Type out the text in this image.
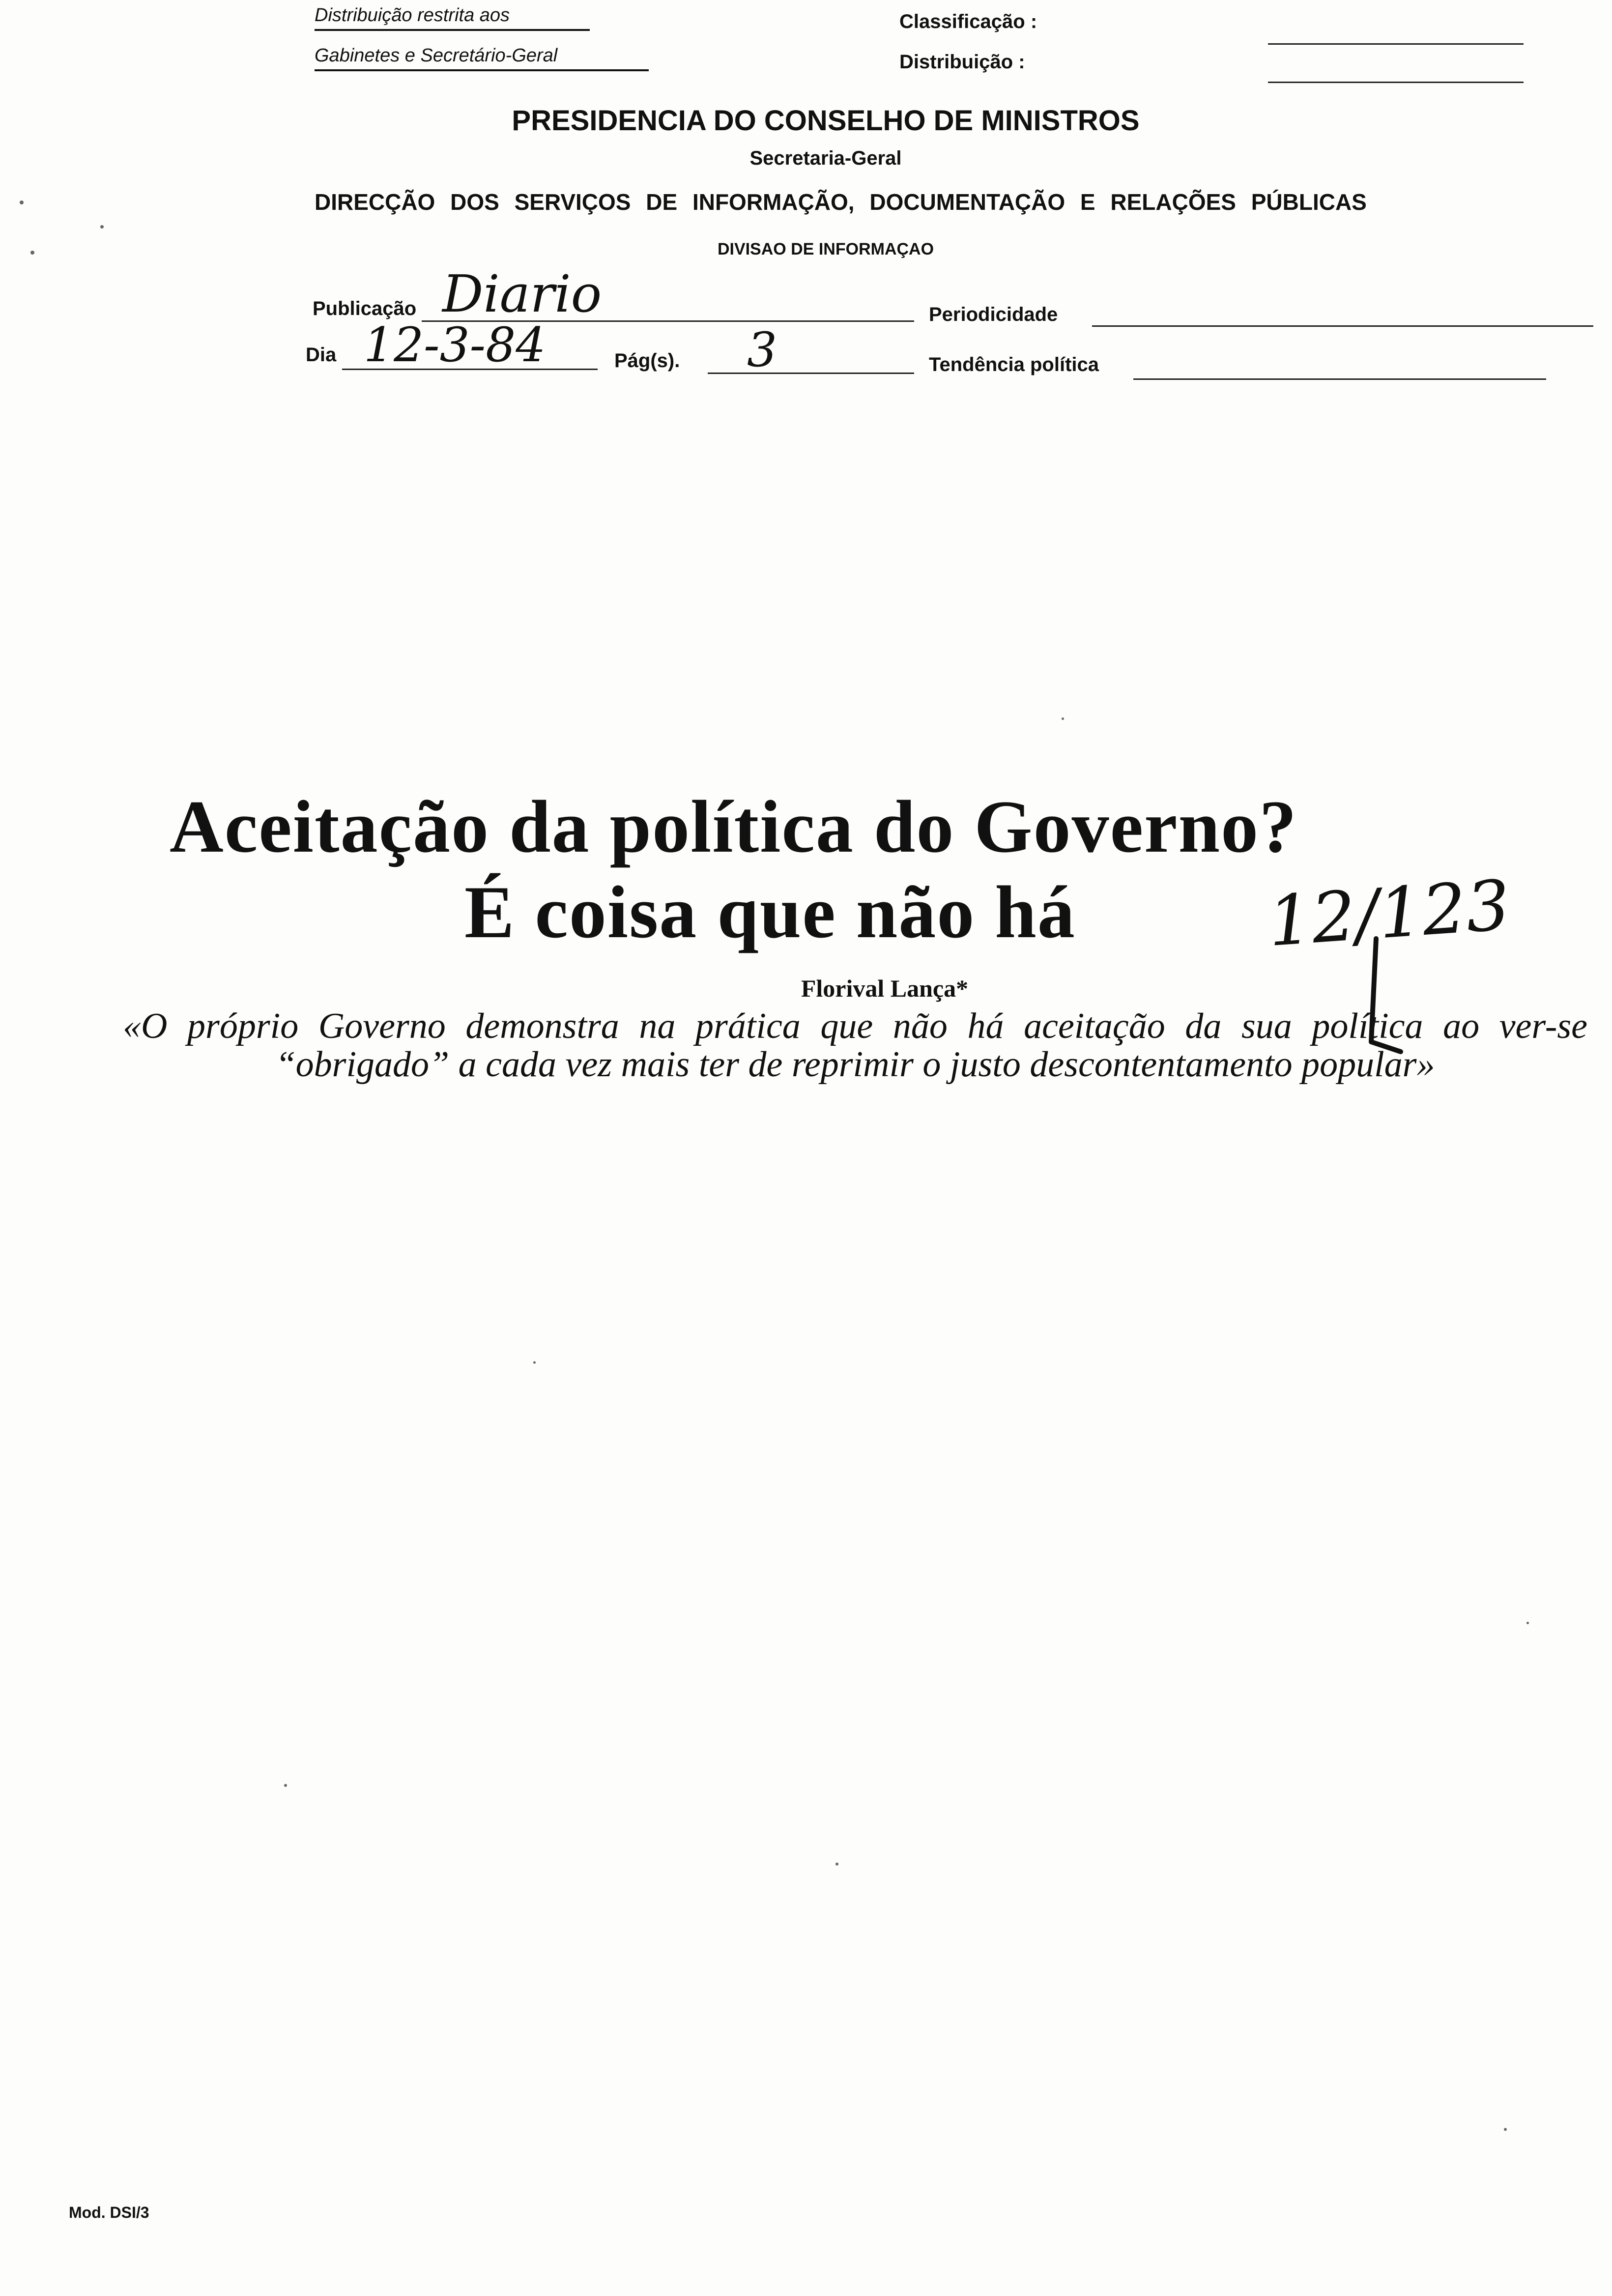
Distribuição restrita aos
Gabinetes e Secretário-Geral
Classificação :
Distribuição :
PRESIDENCIA DO CONSELHO DE MINISTROS
Secretaria-Geral
DIRECÇÃO DOS SERVIÇOS DE INFORMAÇÃO, DOCUMENTAÇÃO E RELAÇÕES PÚBLICAS
DIVISAO DE INFORMAÇAO
Publicação Diario	Periodicidade
Dia 12-3-84	Pág(s). 3	Tendência política
Aceitação da política do Governo?
É coisa que não há	12/123
Florival Lança*
«O próprio Governo demonstra na prática que não há aceitação da sua política ao ver-se “obrigado” a cada vez mais ter de reprimir o justo descontentamento popular»
Mod. DSI/3
